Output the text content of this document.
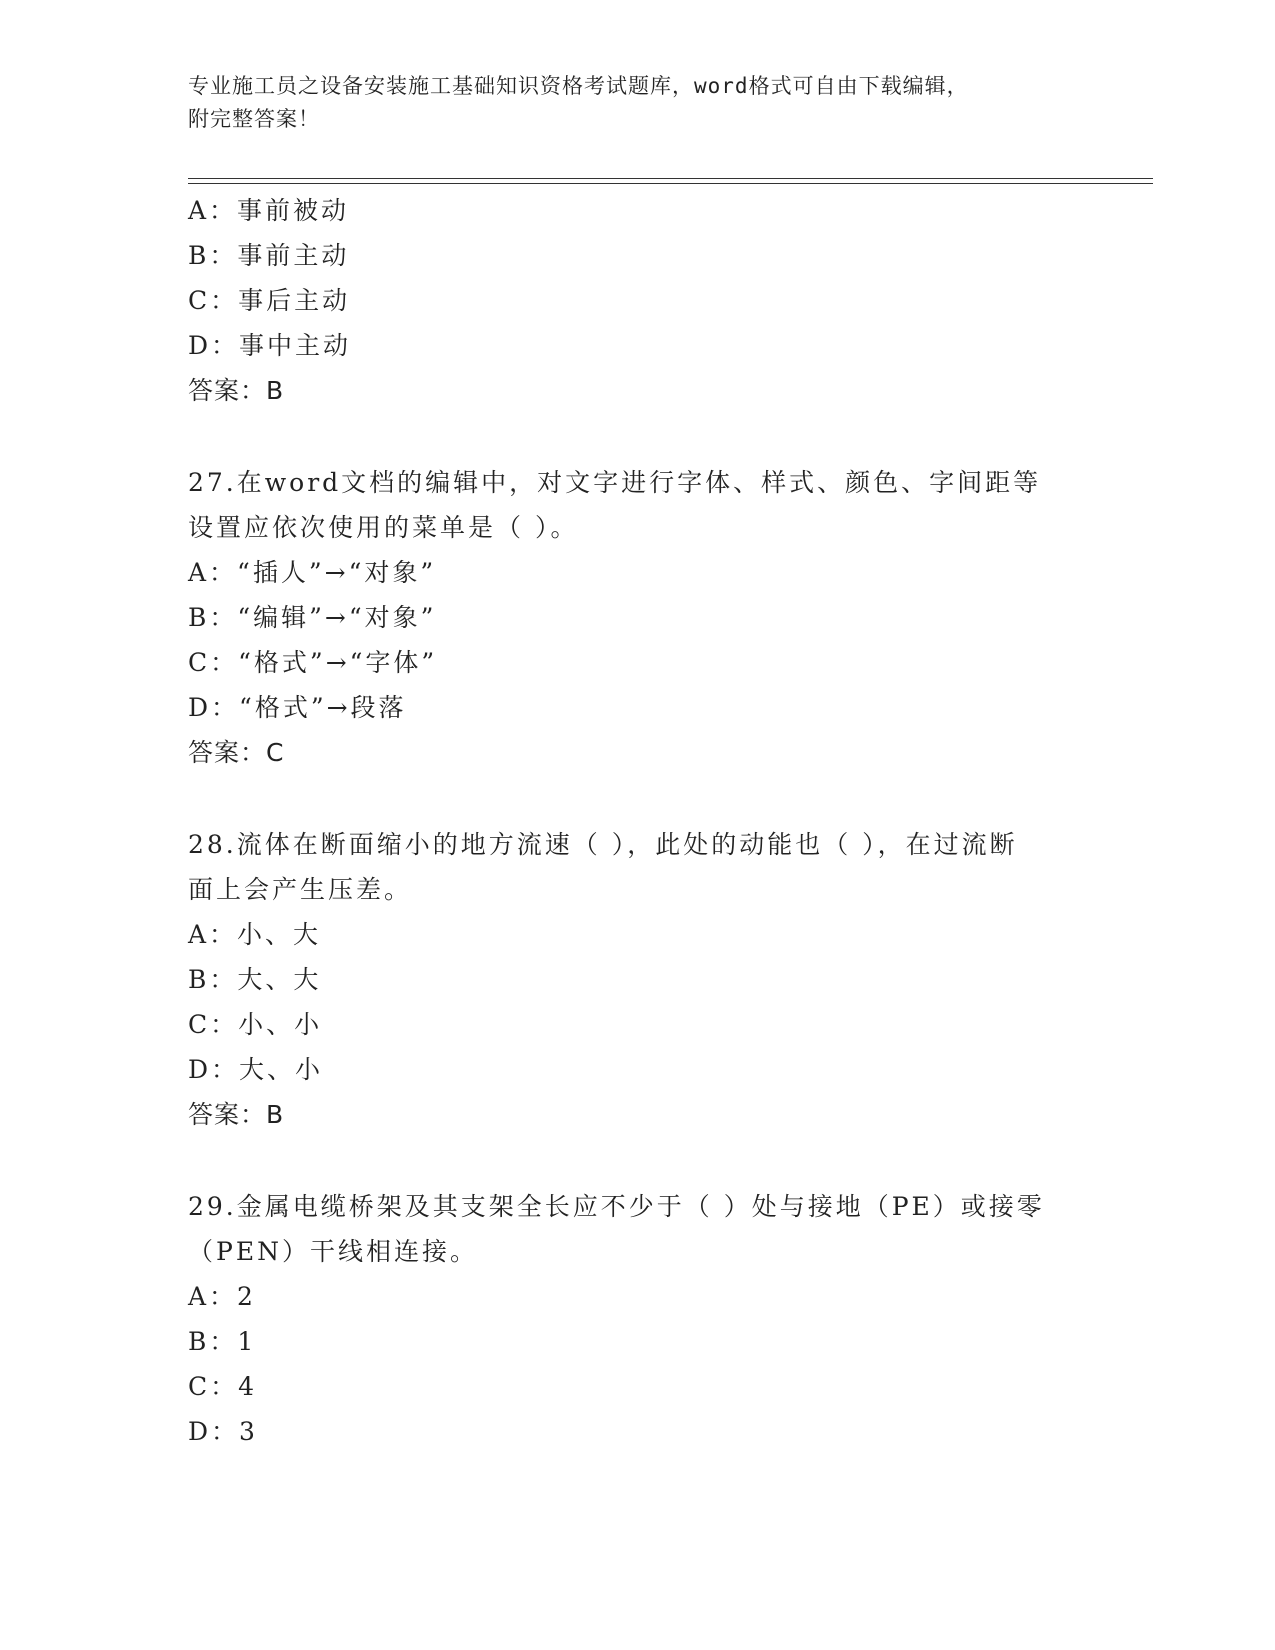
专业施工员之设备安装施工基础知识资格考试题库，word格式可自由下载编辑，
附完整答案！
A：事前被动
B：事前主动
C：事后主动
D：事中主动
答案：B
27.在word文档的编辑中，对文字进行字体、样式、颜色、字间距等
设置应依次使用的菜单是（ ）。
A：“插人”→“对象”
B：“编辑”→“对象”
C：“格式”→“字体”
D：“格式”→段落
答案：C
28.流体在断面缩小的地方流速（ ），此处的动能也（ ），在过流断
面上会产生压差。
A：小、大
B：大、大
C：小、小
D：大、小
答案：B
29.金属电缆桥架及其支架全长应不少于（ ）处与接地（PE）或接零
（PEN）干线相连接。
A：2
B：1
C：4
D：3
